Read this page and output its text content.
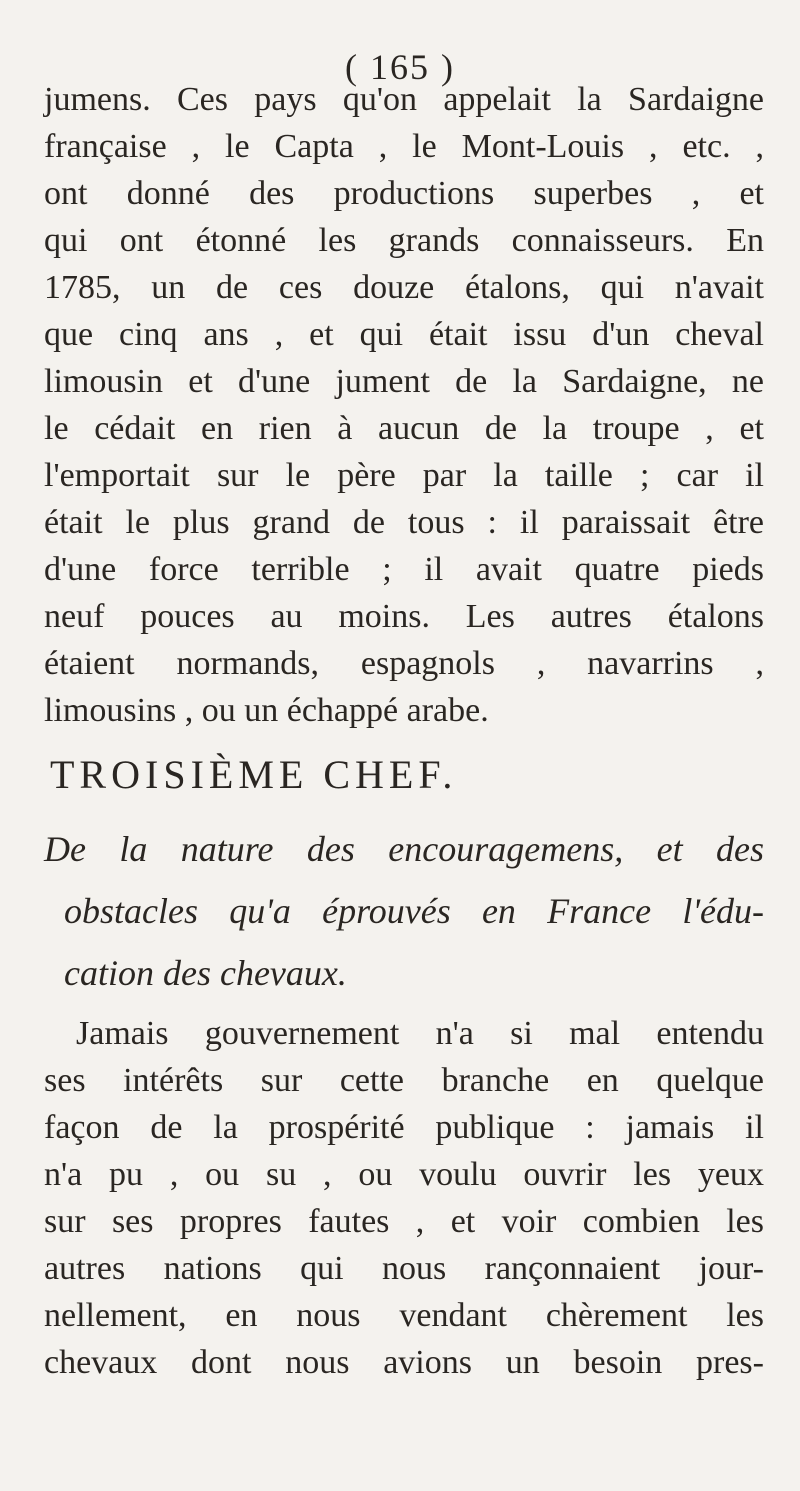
( 165 )
jumens. Ces pays qu'on appelait la Sardaigne
française , le Capta , le Mont-Louis , etc. ,
ont donné des productions superbes , et
qui ont étonné les grands connaisseurs. En
1785, un de ces douze étalons, qui n'avait
que cinq ans , et qui était issu d'un cheval
limousin et d'une jument de la Sardaigne, ne
le cédait en rien à aucun de la troupe , et
l'emportait sur le père par la taille ; car il
était le plus grand de tous : il paraissait être
d'une force terrible ; il avait quatre pieds
neuf pouces au moins. Les autres étalons
étaient normands, espagnols , navarrins ,
limousins , ou un échappé arabe.
TROISIÈME CHEF.
De la nature des encouragemens, et des
obstacles qu'a éprouvés en France l'édu-
cation des chevaux.
Jamais gouvernement n'a si mal entendu
ses intérêts sur cette branche en quelque
façon de la prospérité publique : jamais il
n'a pu , ou su , ou voulu ouvrir les yeux
sur ses propres fautes , et voir combien les
autres nations qui nous rançonnaient jour-
nellement, en nous vendant chèrement les
chevaux dont nous avions un besoin pres-
